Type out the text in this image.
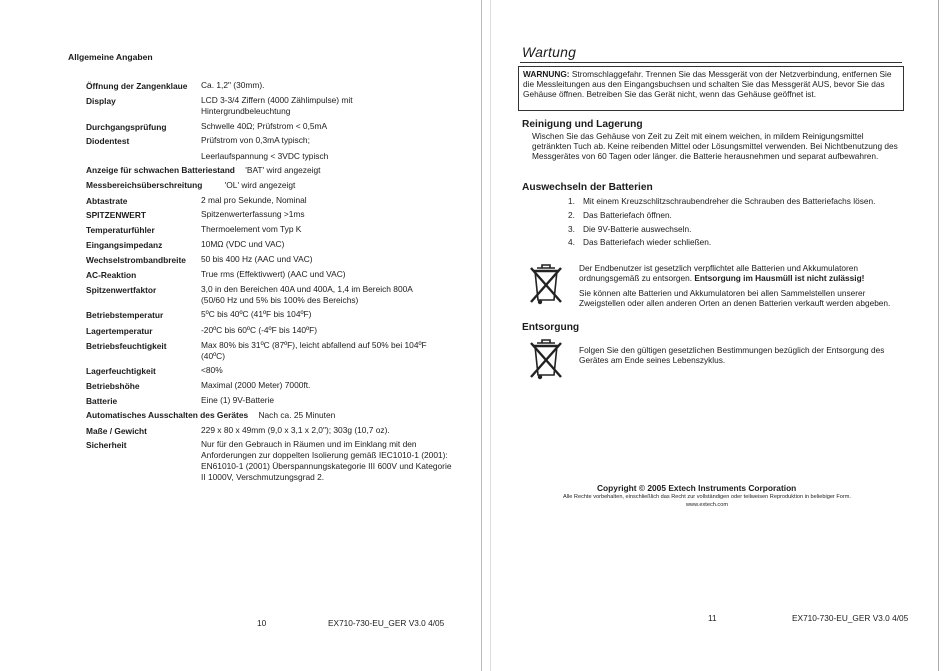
Allgemeine Angaben
Öffnung der Zangenklaue Ca. 1,2" (30mm).
Display	LCD 3-3/4 Ziffern (4000 Zählimpulse) mit Hintergrundbeleuchtung
Durchgangsprüfung	Schwelle 40Ω; Prüfstrom < 0,5mA
Diodentest	Prüfstrom von 0,3mA typisch;
Leerlaufspannung < 3VDC typisch
Anzeige für schwachen Batteriestand 'BAT' wird angezeigt
Messbereichsüberschreitung	'OL' wird angezeigt
Abtastrate	2 mal pro Sekunde, Nominal
SPITZENWERT	Spitzenwerterfassung >1ms
Temperaturfühler	Thermoelement vom Typ K
Eingangsimpedanz	10MΩ (VDC und VAC)
Wechselstrombandbreite 50 bis 400 Hz (AAC und VAC)
AC-Reaktion	True rms (Effektivwert) (AAC und VAC)
Spitzenwertfaktor	3,0 in den Bereichen 40A und 400A, 1,4 im Bereich 800A (50/60 Hz und 5% bis 100% des Bereichs)
Betriebstemperatur	5ºC bis 40ºC (41ºF bis 104ºF)
Lagertemperatur	-20ºC bis 60ºC (-4ºF bis 140ºF)
Betriebsfeuchtigkeit	Max 80% bis 31ºC (87ºF), leicht abfallend auf 50% bei 104ºF (40ºC)
Lagerfeuchtigkeit	<80%
Betriebshöhe	Maximal (2000 Meter) 7000ft.
Batterie	Eine (1) 9V-Batterie
Automatisches Ausschalten des Gerätes Nach ca. 25 Minuten
Maße / Gewicht	229 x 80 x 49mm (9,0 x 3,1 x 2,0"); 303g (10,7 oz).
Sicherheit	Nur für den Gebrauch in Räumen und im Einklang mit den Anforderungen zur doppelten Isolierung gemäß IEC1010-1 (2001): EN61010-1 (2001) Überspannungskategorie III 600V und Kategorie II 1000V, Verschmutzungsgrad 2.
10	EX710-730-EU_GER V3.0 4/05
Wartung
WARNUNG: Stromschlaggefahr. Trennen Sie das Messgerät von der Netzverbindung, entfernen Sie die Messleitungen aus den Eingangsbuchsen und schalten Sie das Messgerät AUS, bevor Sie das Gehäuse öffnen. Betreiben Sie das Gerät nicht, wenn das Gehäuse geöffnet ist.
Reinigung und Lagerung
Wischen Sie das Gehäuse von Zeit zu Zeit mit einem weichen, in mildem Reinigungsmittel getränkten Tuch ab. Keine reibenden Mittel oder Lösungsmittel verwenden. Bei Nichtbenutzung des Messgerätes von 60 Tagen oder länger. die Batterie herausnehmen und separat aufbewahren.
Auswechseln der Batterien
1. Mit einem Kreuzschlitzschraubendreher die Schrauben des Batteriefachs lösen.
2. Das Batteriefach öffnen.
3. Die 9V-Batterie auswechseln.
4. Das Batteriefach wieder schließen.
Der Endbenutzer ist gesetzlich verpflichtet alle Batterien und Akkumulatoren ordnungsgemäß zu entsorgen. Entsorgung im Hausmüll ist nicht zulässig!
Sie können alte Batterien und Akkumulatoren bei allen Sammelstellen unserer Zweigstellen oder allen anderen Orten an denen Batterien verkauft werden abgeben.
Entsorgung
Folgen Sie den gültigen gesetzlichen Bestimmungen bezüglich der Entsorgung des Gerätes am Ende seines Lebenszyklus.
Copyright © 2005 Extech Instruments Corporation
Alle Rechte vorbehalten, einschließlich das Recht zur vollständigen oder teilweisen Reproduktion in beliebiger Form.
www.extech.com
11	EX710-730-EU_GER V3.0 4/05
